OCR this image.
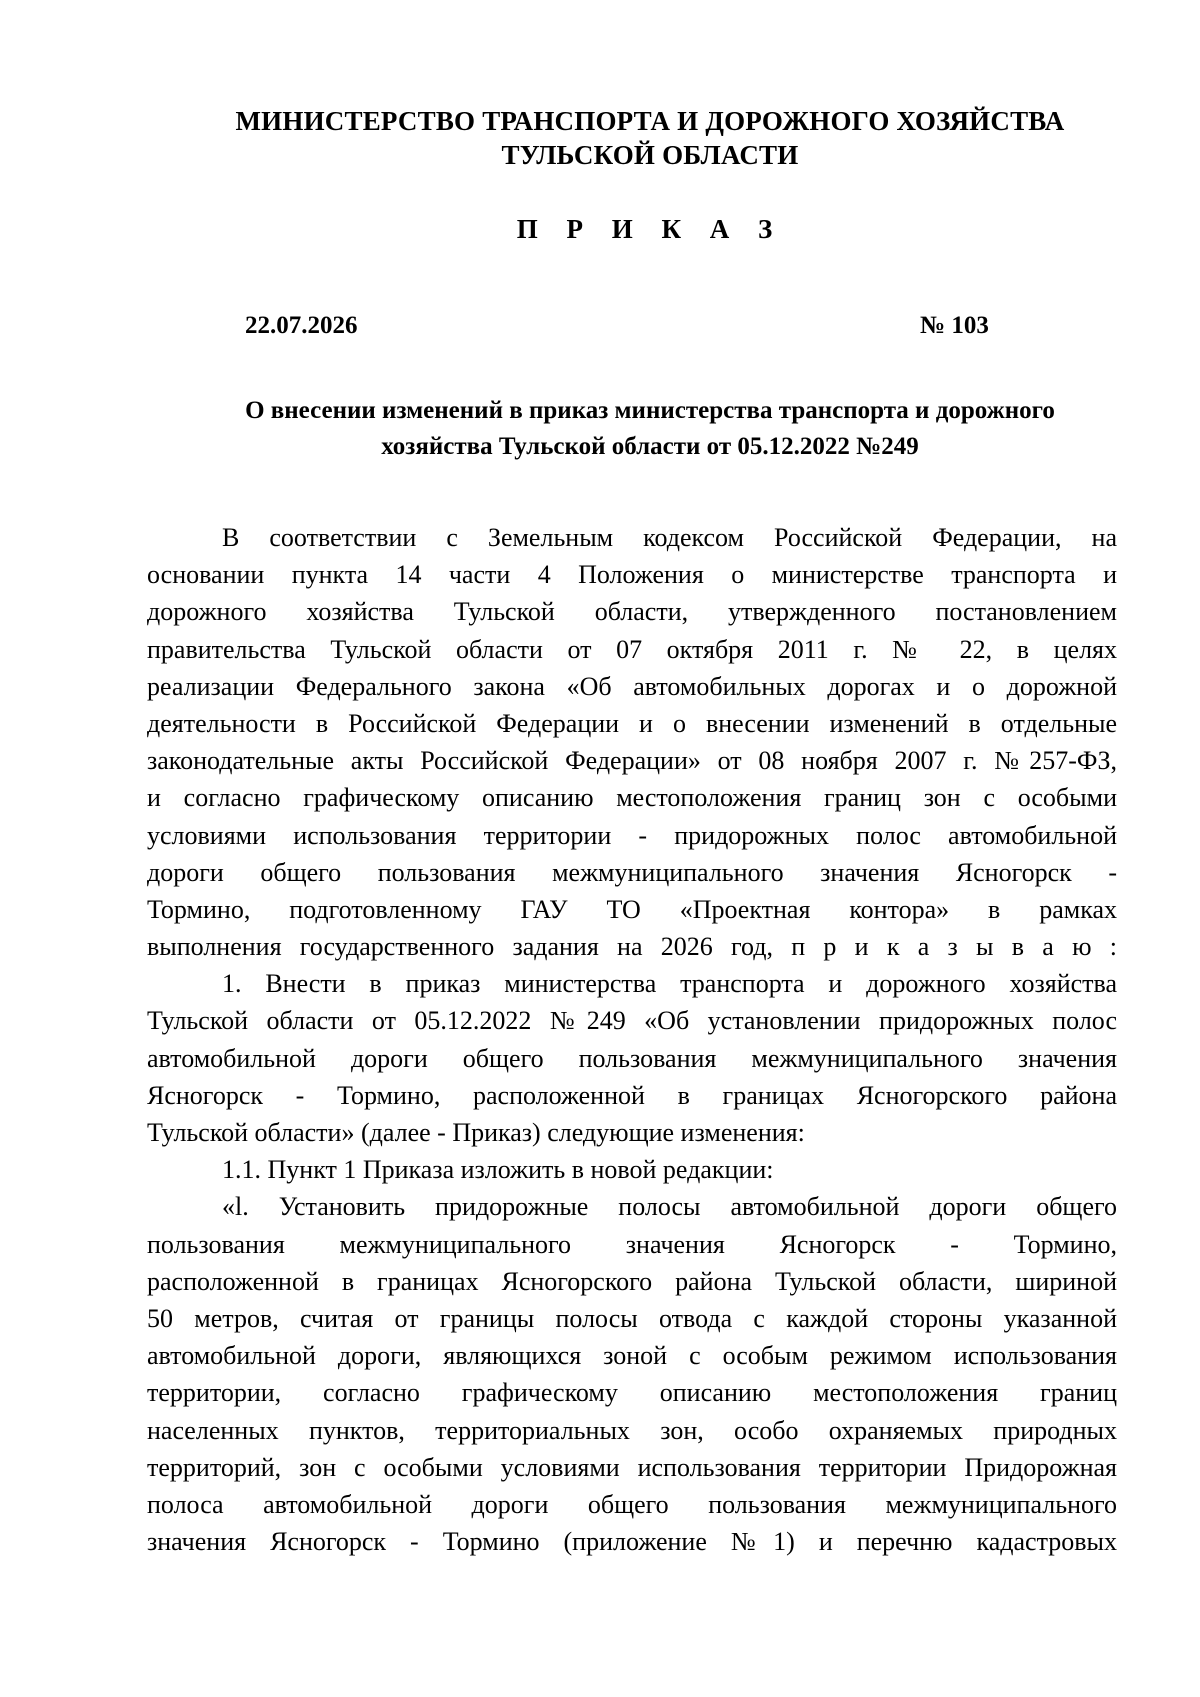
МИНИСТЕРСТВО ТРАНСПОРТА И ДОРОЖНОГО ХОЗЯЙСТВА
ТУЛЬСКОЙ ОБЛАСТИ
П Р И К А З
22.07.2026	№ 103
О внесении изменений в приказ министерства транспорта и дорожного
хозяйства Тульской области от 05.12.2022 №249
В соответствии с Земельным кодексом Российской Федерации, на
основании пункта 14 части 4 Положения о министерстве транспорта и
дорожного хозяйства Тульской области, утвержденного постановлением
правительства Тульской области от 07 октября 2011 г. № 22, в целях
реализации Федерального закона «Об автомобильных дорогах и о дорожной
деятельности в Российской Федерации и о внесении изменений в отдельные
законодательные акты Российской Федерации» от 08 ноября 2007 г. №257-ФЗ,
и согласно графическому описанию местоположения границ зон с особыми
условиями использования территории - придорожных полос автомобильной
дороги общего пользования межмуниципального значения Ясногорск -
Тормино, подготовленному ГАУ ТО «Проектная контора» в рамках
выполнения государственного задания на 2026 год, п р и к а з ы в а ю :
1. Внести в приказ министерства транспорта и дорожного хозяйства
Тульской области от 05.12.2022 №249 «Об установлении придорожных полос
автомобильной дороги общего пользования межмуниципального значения
Ясногорск - Тормино, расположенной в границах Ясногорского района
Тульской области» (далее - Приказ) следующие изменения:
1.1. Пункт 1 Приказа изложить в новой редакции:
«l. Установить придорожные полосы автомобильной дороги общего
пользования межмуниципального значения Ясногорск - Тормино,
расположенной в границах Ясногорского района Тульской области, шириной
50 метров, считая от границы полосы отвода с каждой стороны указанной
автомобильной дороги, являющихся зоной с особым режимом использования
территории, согласно графическому описанию местоположения границ
населенных пунктов, территориальных зон, особо охраняемых природных
территорий, зон с особыми условиями использования территории Придорожная
полоса автомобильной дороги общего пользования межмуниципального
значения Ясногорск - Тормино (приложение №1) и перечню кадастровых
